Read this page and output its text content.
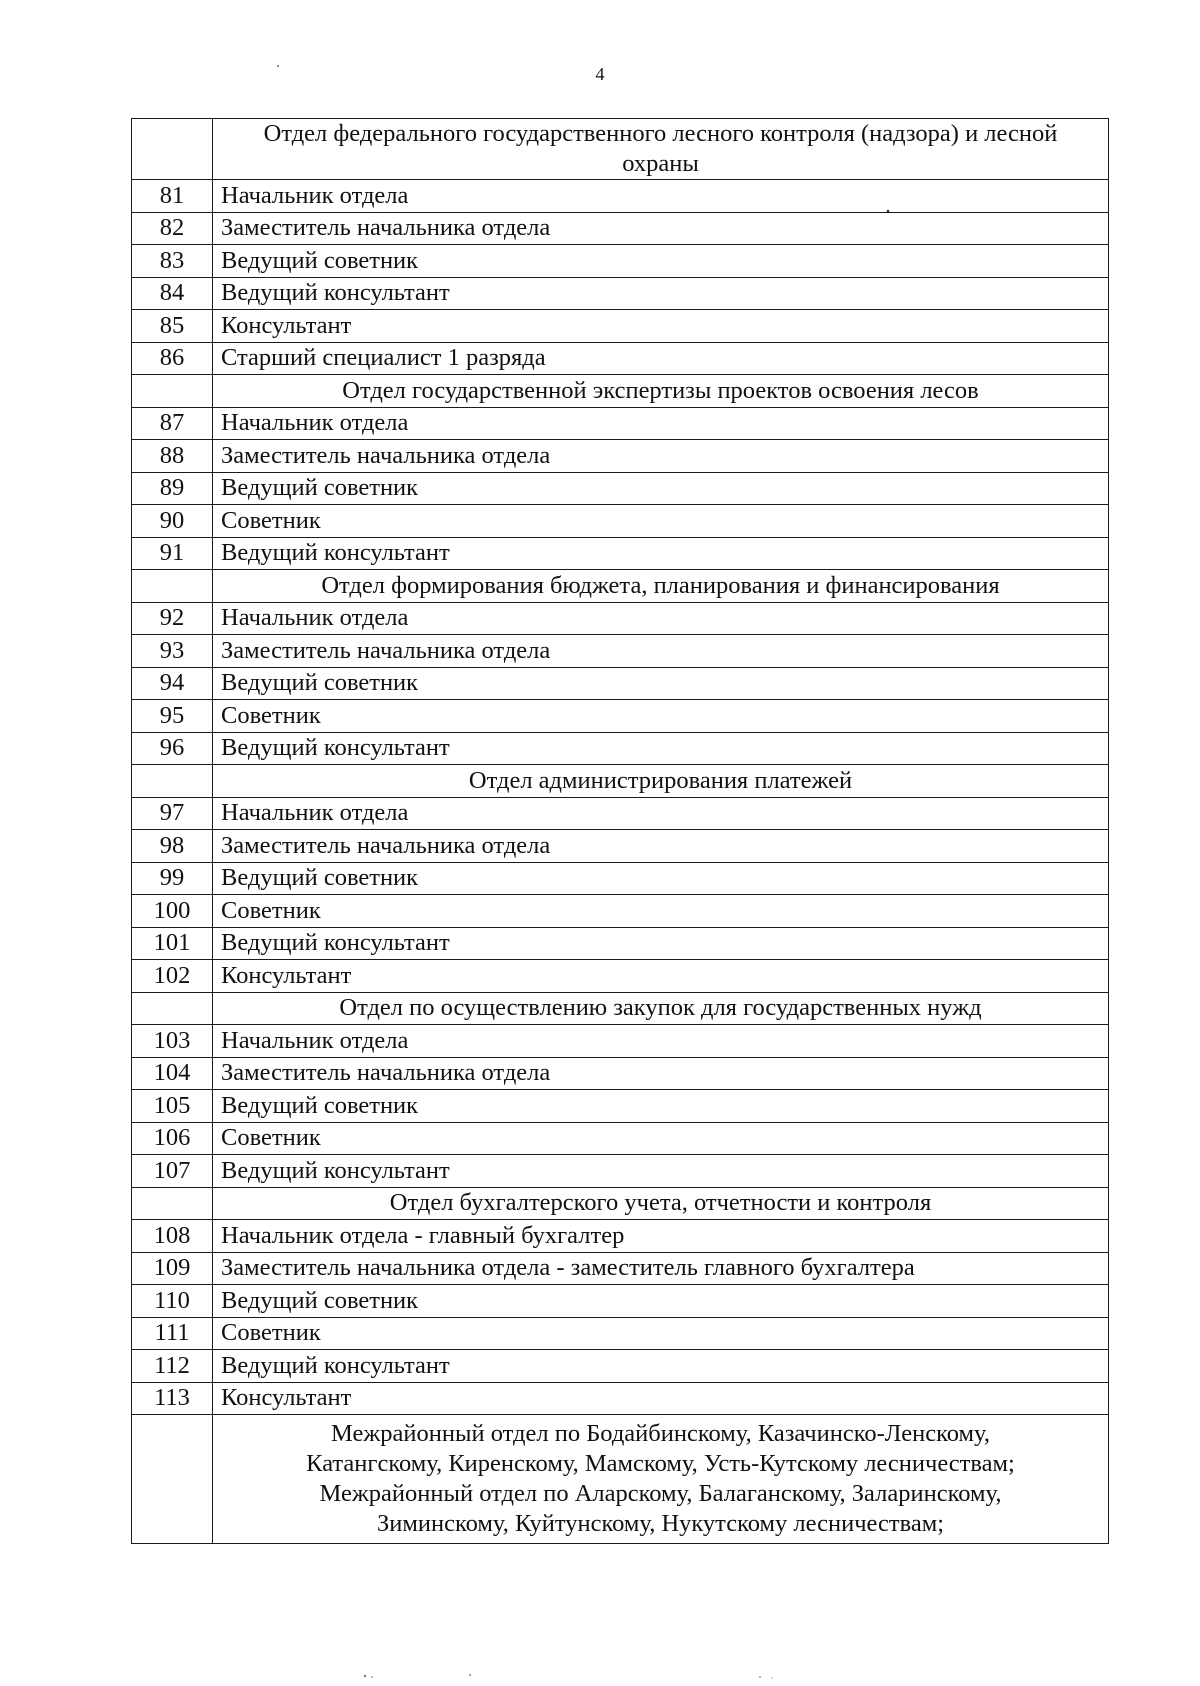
4
	Отдел федерального государственного лесного контроля (надзора) и лесной охраны
81	Начальник отдела
82	Заместитель начальника отдела
83	Ведущий советник
84	Ведущий консультант
85	Консультант
86	Старший специалист 1 разряда
	Отдел государственной экспертизы проектов освоения лесов
87	Начальник отдела
88	Заместитель начальника отдела
89	Ведущий советник
90	Советник
91	Ведущий консультант
	Отдел формирования бюджета, планирования и финансирования
92	Начальник отдела
93	Заместитель начальника отдела
94	Ведущий советник
95	Советник
96	Ведущий консультант
	Отдел администрирования платежей
97	Начальник отдела
98	Заместитель начальника отдела
99	Ведущий советник
100	Советник
101	Ведущий консультант
102	Консультант
	Отдел по осуществлению закупок для государственных нужд
103	Начальник отдела
104	Заместитель начальника отдела
105	Ведущий советник
106	Советник
107	Ведущий консультант
	Отдел бухгалтерского учета, отчетности и контроля
108	Начальник отдела - главный бухгалтер
109	Заместитель начальника отдела - заместитель главного бухгалтера
110	Ведущий советник
111	Советник
112	Ведущий консультант
113	Консультант

	Межрайонный отдел по Бодайбинскому, Казачинско-Ленскому,
Катангскому, Киренскому, Мамскому, Усть-Кутскому лесничествам;
Межрайонный отдел по Аларскому, Балаганскому, Заларинскому,
Зиминскому, Куйтунскому, Нукутскому лесничествам;
